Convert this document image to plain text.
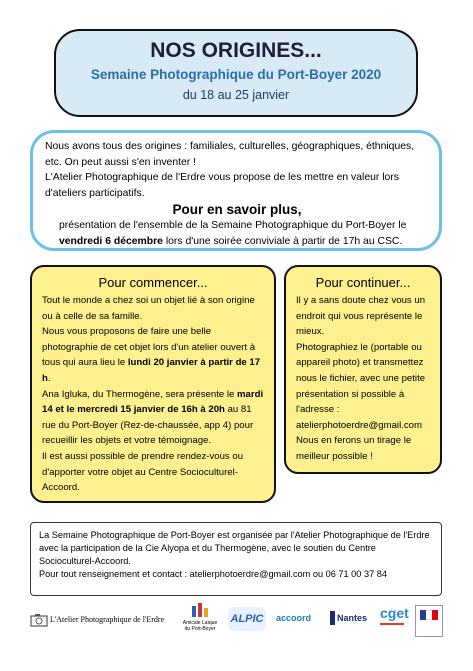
NOS ORIGINES...
Semaine Photographique du Port-Boyer 2020
du 18 au 25 janvier

Nous avons tous des origines : familiales, culturelles, géographiques, éthniques, etc. On peut aussi s'en inventer !

L'Atelier Photographique de l'Erdre vous propose de les mettre en valeur lors d'ateliers participatifs.

Pour en savoir plus,

présentation de l'ensemble de la Semaine Photographique du Port-Boyer le vendredi 6 décembre lors d'une soirée conviviale à partir de 17h au CSC.

Pour commencer...

Tout le monde a chez soi un objet lié à son origine ou à celle de sa famille.

Nous vous proposons de faire une belle photographie de cet objet lors d'un atelier ouvert à tous qui aura lieu le lundi 20 janvier à partir de 17 h.

Ana Igluka, du Thermogène, sera présente le mardi 14 et le mercredi 15 janvier de 16h à 20h au 81 rue du Port-Boyer (Rez-de-chaussée, app 4) pour recueillir les objets et votre témoignage.

Il est aussi possible de prendre rendez-vous ou d'apporter votre objet au Centre Socioculturel-Accoord.

Pour continuer...

Il y a sans doute chez vous un endroit qui vous représente le mieux.

Photographiez le (portable ou appareil photo) et transmettez nous le fichier, avec une petite présentation si possible à l'adresse :

atelierphotoerdre@gmail.com

Nous en ferons un tirage le meilleur possible !

La Semaine Photographique de Port-Boyer est organisée par l'Atelier Photographique de l'Erdre avec la participation de la Cie Alyopa et du Thermogène, avec le soutien du Centre Socioculturel-Accoord.

Pour tout renseignement et contact : atelierphotoerdre@gmail.com ou 06 71 00 37 84

L'Atelier Photographique de l'Erdre	Amicale Laïque du Port-Boyer
ALPIC accoord	Nantes cget
